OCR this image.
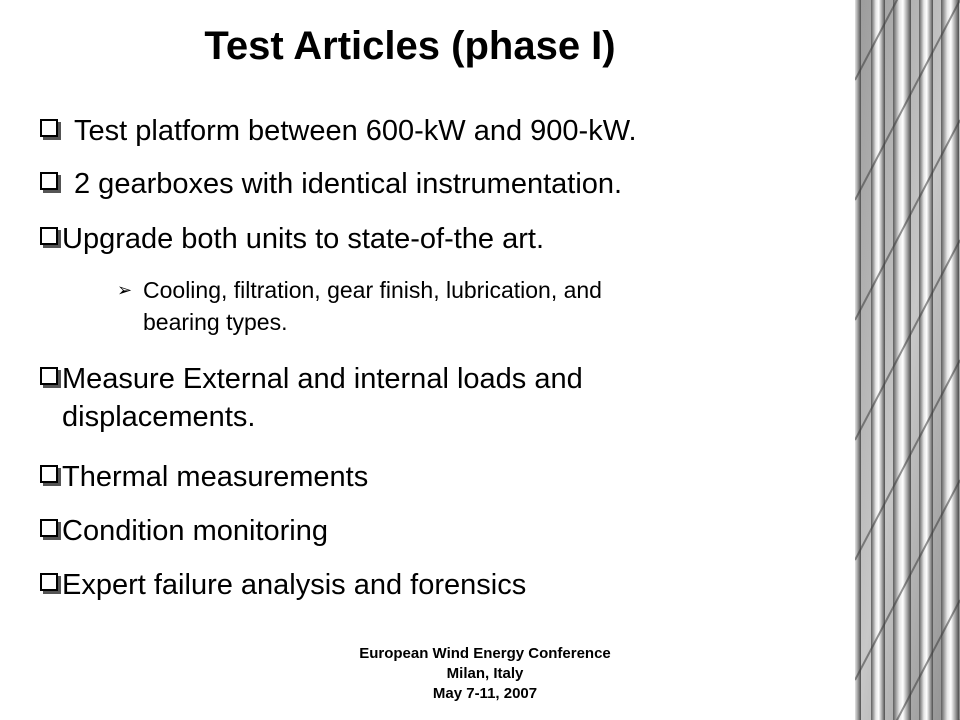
Test Articles (phase I)
Test platform between 600-kW and 900-kW.
2 gearboxes with identical instrumentation.
Upgrade both units to state-of-the art.
➢ Cooling, filtration, gear finish, lubrication, and
bearing types.
Measure External and internal loads and
displacements.
Thermal measurements
Condition monitoring
Expert failure analysis and forensics
European Wind Energy Conference
Milan, Italy
May 7-11, 2007
